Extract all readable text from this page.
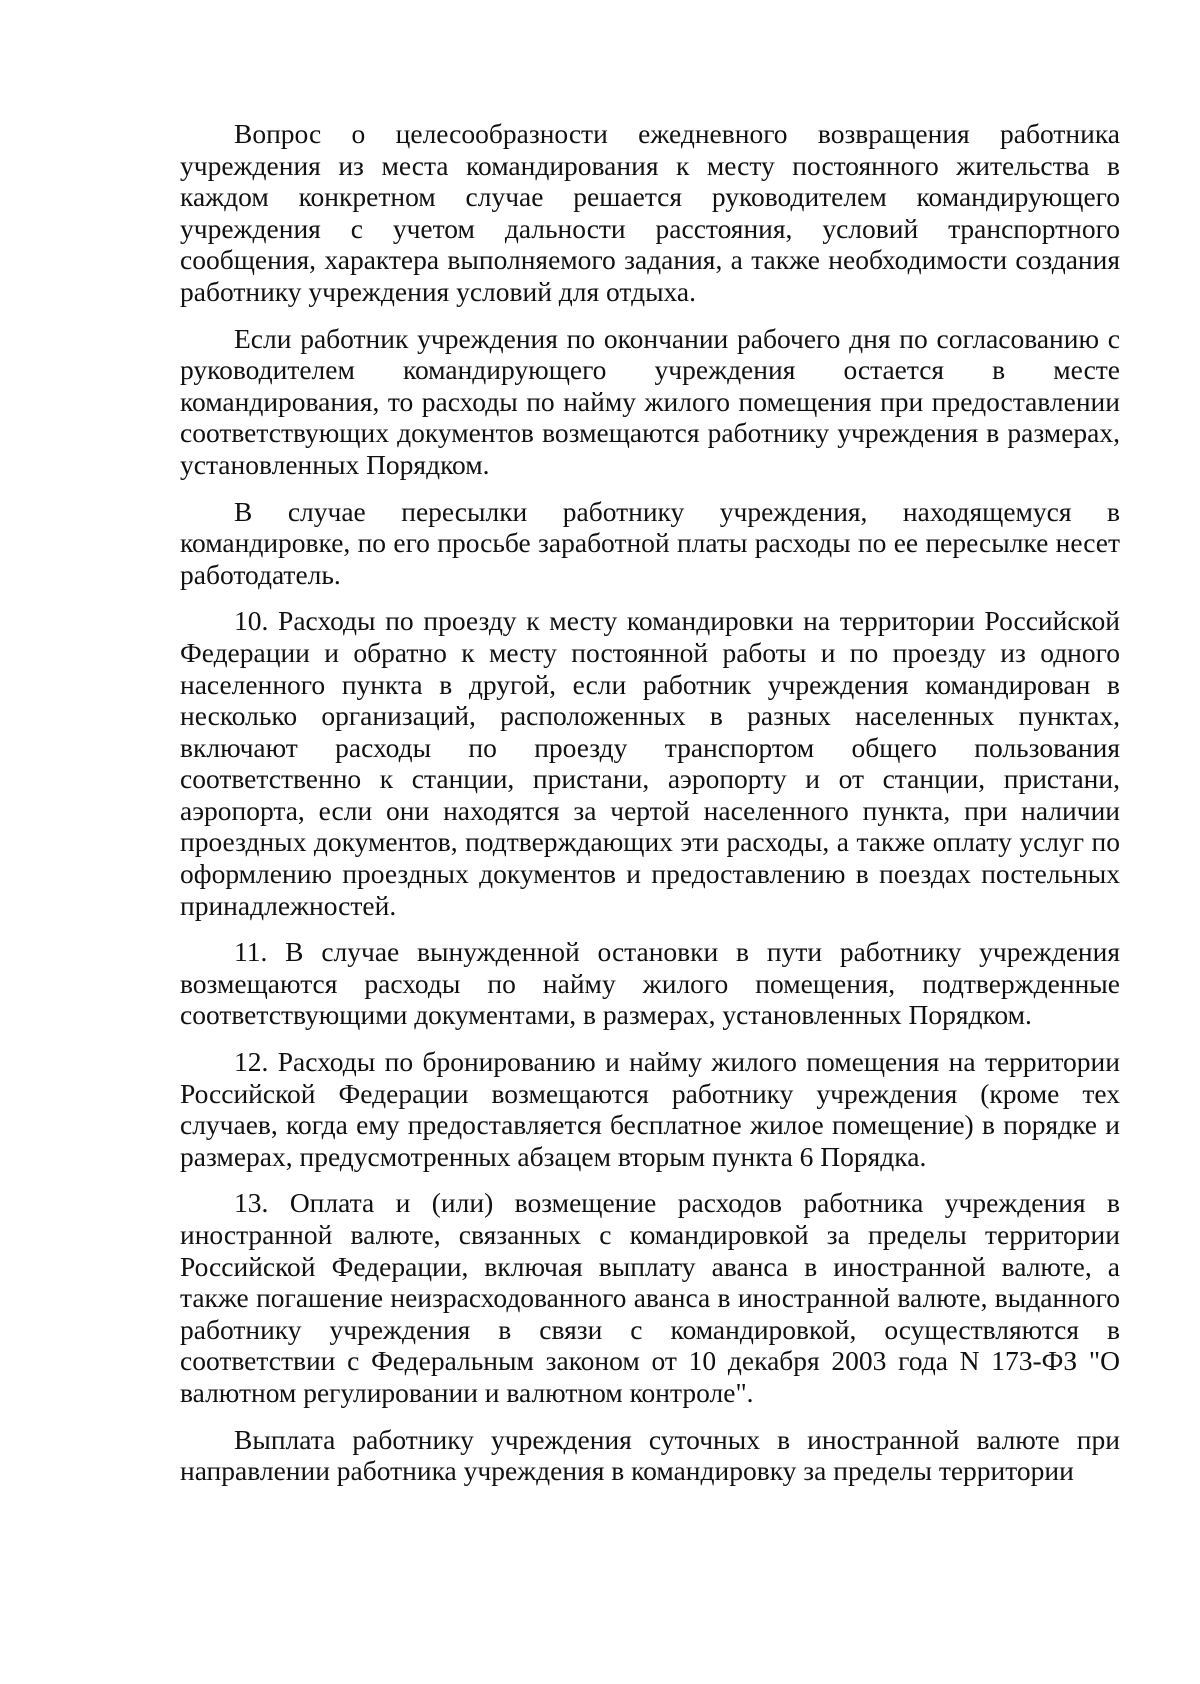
Вопрос о целесообразности ежедневного возвращения работника учреждения из места командирования к месту постоянного жительства в каждом конкретном случае решается руководителем командирующего учреждения с учетом дальности расстояния, условий транспортного сообщения, характера выполняемого задания, а также необходимости создания работнику учреждения условий для отдыха.

Если работник учреждения по окончании рабочего дня по согласованию с руководителем командирующего учреждения остается в месте командирования, то расходы по найму жилого помещения при предоставлении соответствующих документов возмещаются работнику учреждения в размерах, установленных Порядком.

В случае пересылки работнику учреждения, находящемуся в командировке, по его просьбе заработной платы расходы по ее пересылке несет работодатель.

10. Расходы по проезду к месту командировки на территории Российской Федерации и обратно к месту постоянной работы и по проезду из одного населенного пункта в другой, если работник учреждения командирован в несколько организаций, расположенных в разных населенных пунктах, включают расходы по проезду транспортом общего пользования соответственно к станции, пристани, аэропорту и от станции, пристани, аэропорта, если они находятся за чертой населенного пункта, при наличии проездных документов, подтверждающих эти расходы, а также оплату услуг по оформлению проездных документов и предоставлению в поездах постельных принадлежностей.

11. В случае вынужденной остановки в пути работнику учреждения возмещаются расходы по найму жилого помещения, подтвержденные соответствующими документами, в размерах, установленных Порядком.

12. Расходы по бронированию и найму жилого помещения на территории Российской Федерации возмещаются работнику учреждения (кроме тех случаев, когда ему предоставляется бесплатное жилое помещение) в порядке и размерах, предусмотренных абзацем вторым пункта 6 Порядка.

13. Оплата и (или) возмещение расходов работника учреждения в иностранной валюте, связанных с командировкой за пределы территории Российской Федерации, включая выплату аванса в иностранной валюте, а также погашение неизрасходованного аванса в иностранной валюте, выданного работнику учреждения в связи с командировкой, осуществляются в соответствии с Федеральным законом от 10 декабря 2003 года N 173-ФЗ "О валютном регулировании и валютном контроле".

Выплата работнику учреждения суточных в иностранной валюте при направлении работника учреждения в командировку за пределы территории
